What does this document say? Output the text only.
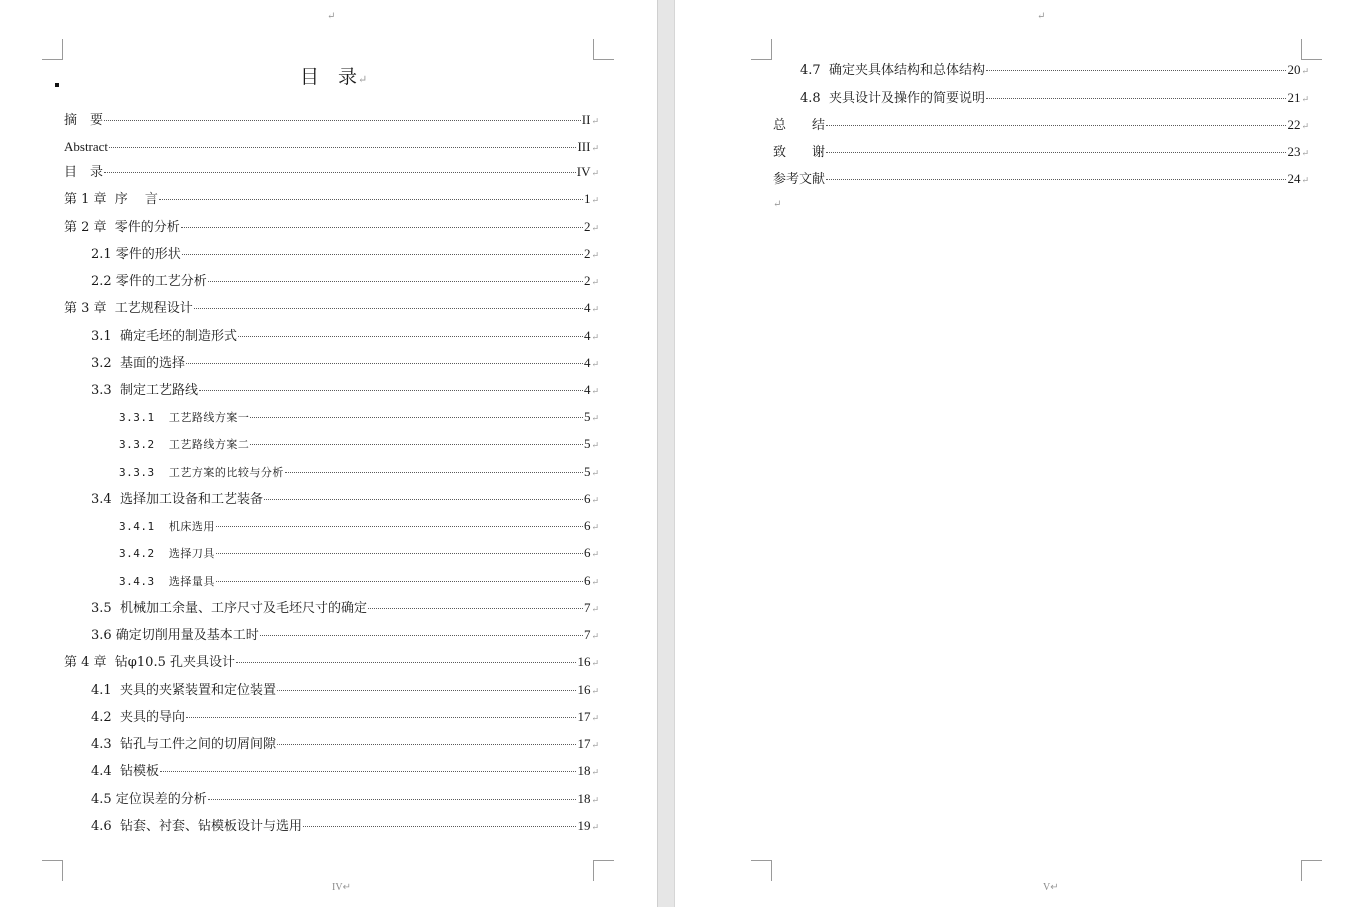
↵
目 录↵
摘　要	II ↵
Abstract	III ↵
目　录	IV ↵
第 1 章  序　 言	1 ↵
第 2 章  零件的分析	2 ↵
2.1 零件的形状	2 ↵
2.2 零件的工艺分析	2 ↵
第 3 章  工艺规程设计	4 ↵
3.1  确定毛坯的制造形式	4 ↵
3.2  基面的选择	4 ↵
3.3  制定工艺路线	4 ↵
3.3.1  工艺路线方案一	5 ↵
3.3.2  工艺路线方案二	5 ↵
3.3.3  工艺方案的比较与分析	5 ↵
3.4  选择加工设备和工艺装备	6 ↵
3.4.1  机床选用	6 ↵
3.4.2  选择刀具	6 ↵
3.4.3  选择量具	6 ↵
3.5  机械加工余量、工序尺寸及毛坯尺寸的确定	7 ↵
3.6 确定切削用量及基本工时	7 ↵
第 4 章  钻φ10.5 孔夹具设计	16 ↵
4.1  夹具的夹紧装置和定位装置	16 ↵
4.2  夹具的导向	17 ↵
4.3  钻孔与工件之间的切屑间隙	17 ↵
4.4  钻模板	18 ↵
4.5 定位误差的分析	18 ↵
4.6  钻套、衬套、钻模板设计与选用	19 ↵
IV↵
↵
4.7  确定夹具体结构和总体结构	20 ↵
4.8  夹具设计及操作的简要说明	21 ↵
总　　结	22 ↵
致　　谢	23 ↵
参考文献	24 ↵
↵
V↵
